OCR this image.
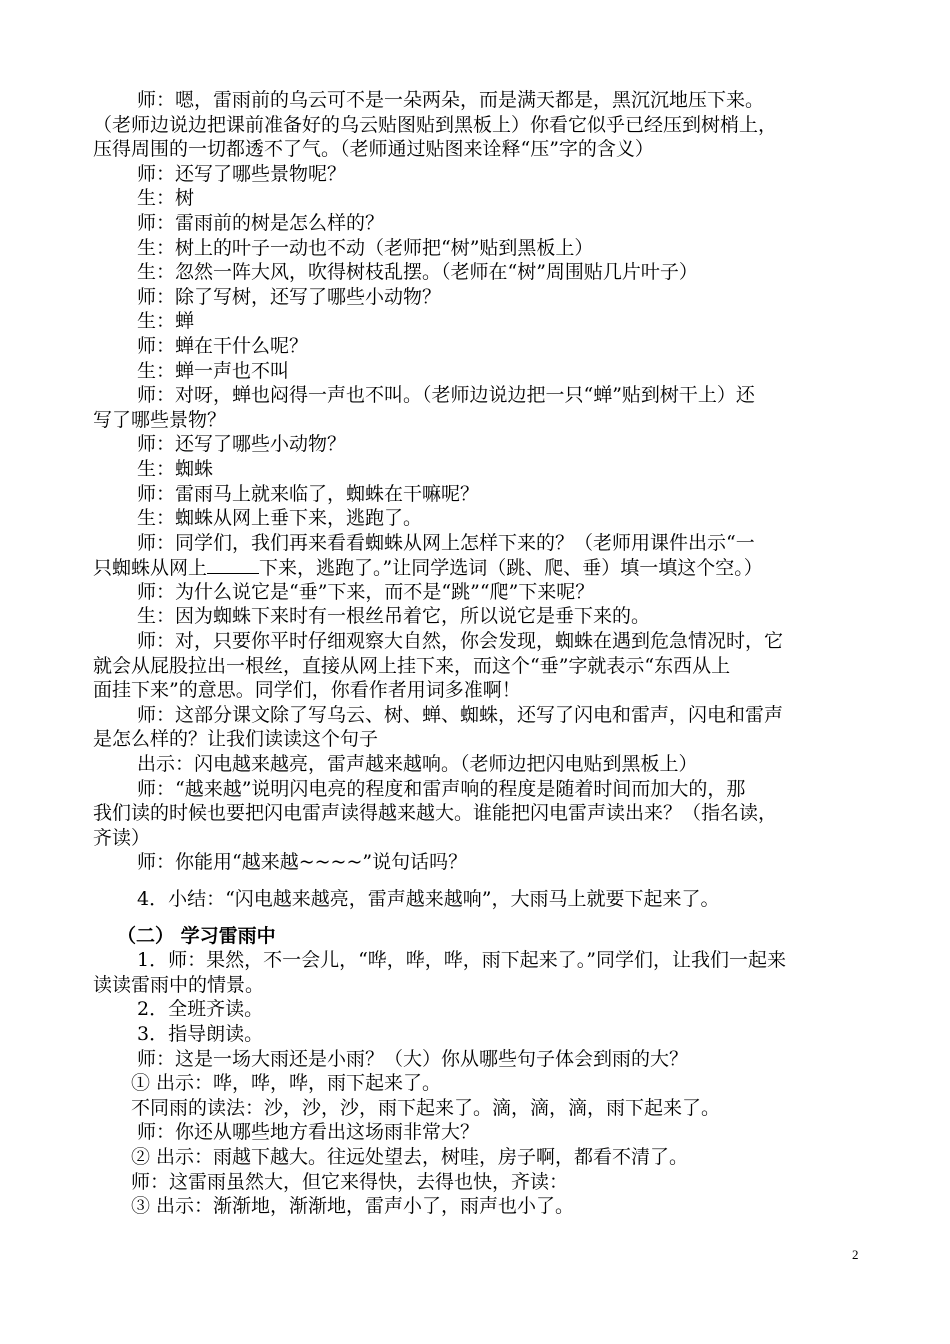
师：嗯，雷雨前的乌云可不是一朵两朵，而是满天都是，黑沉沉地压下来。
（老师边说边把课前准备好的乌云贴图贴到黑板上）你看它似乎已经压到树梢上，
压得周围的一切都透不了气。（老师通过贴图来诠释“压”字的含义）
师：还写了哪些景物呢？
生：树
师：雷雨前的树是怎么样的？
生：树上的叶子一动也不动（老师把“树”贴到黑板上）
生：忽然一阵大风，吹得树枝乱摆。（老师在“树”周围贴几片叶子）
师：除了写树，还写了哪些小动物？
生：蝉
师：蝉在干什么呢？
生：蝉一声也不叫
师：对呀，蝉也闷得一声也不叫。（老师边说边把一只“蝉”贴到树干上）还
写了哪些景物？
师：还写了哪些小动物？
生：蜘蛛
师：雷雨马上就来临了，蜘蛛在干嘛呢？
生：蜘蛛从网上垂下来，逃跑了。
师：同学们，我们再来看看蜘蛛从网上怎样下来的？（老师用课件出示“一
只蜘蛛从网上	下来，逃跑了。”让同学选词（跳、爬、垂）填一填这个空。）
师：为什么说它是“垂”下来，而不是“跳”“爬”下来呢？
生：因为蜘蛛下来时有一根丝吊着它，所以说它是垂下来的。
师：对，只要你平时仔细观察大自然，你会发现，蜘蛛在遇到危急情况时，它
就会从屁股拉出一根丝，直接从网上挂下来，而这个“垂”字就表示“东西从上
面挂下来”的意思。同学们，你看作者用词多准啊！
师：这部分课文除了写乌云、树、蝉、蜘蛛，还写了闪电和雷声，闪电和雷声
是怎么样的？让我们读读这个句子
出示：闪电越来越亮，雷声越来越响。（老师边把闪电贴到黑板上）
师：“越来越”说明闪电亮的程度和雷声响的程度是随着时间而加大的，那
我们读的时候也要把闪电雷声读得越来越大。谁能把闪电雷声读出来？（指名读，
齐读）
师：你能用“越来越~~~~”说句话吗？
4．小结：“闪电越来越亮，雷声越来越响”，大雨马上就要下起来了。
（二） 学习雷雨中
1．师：果然，不一会儿，“哗，哗，哗，雨下起来了。”同学们，让我们一起来
读读雷雨中的情景。
2．全班齐读。
3．指导朗读。
师：这是一场大雨还是小雨？（大）你从哪些句子体会到雨的大？
① 出示：哗，哗，哗，雨下起来了。
不同雨的读法：沙，沙，沙，雨下起来了。滴，滴，滴，雨下起来了。
师：你还从哪些地方看出这场雨非常大？
② 出示：雨越下越大。往远处望去，树哇，房子啊，都看不清了。
师：这雷雨虽然大，但它来得快，去得也快，齐读：
③ 出示：渐渐地，渐渐地，雷声小了，雨声也小了。
2
